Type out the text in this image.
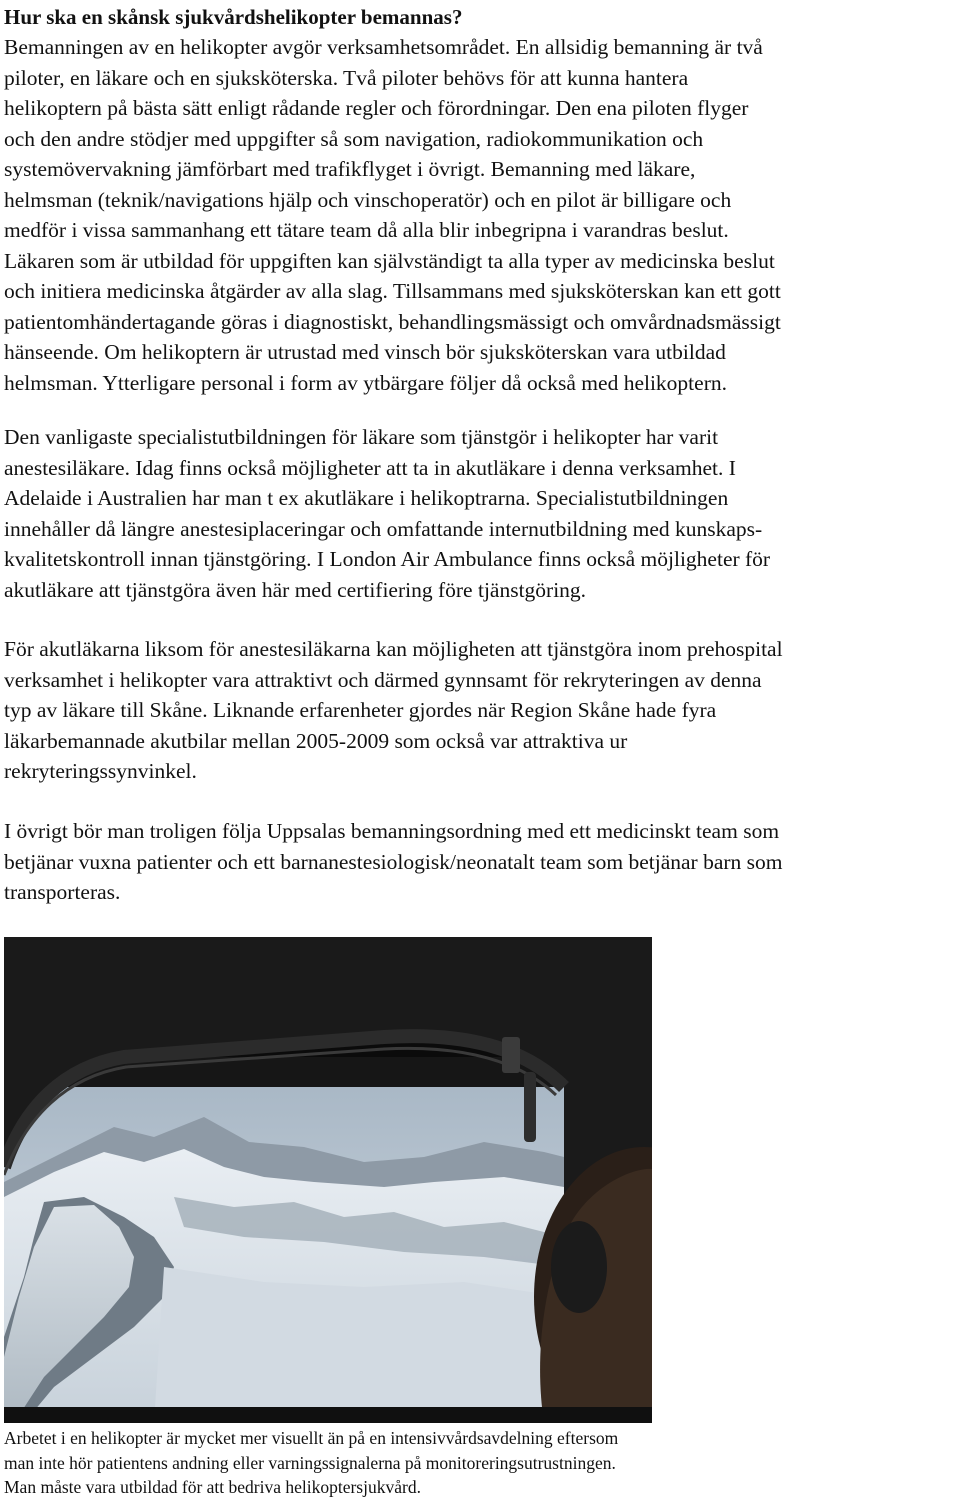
Hur ska en skånsk sjukvårdshelikopter bemannas?

Bemanningen av en helikopter avgör verksamhetsområdet. En allsidig bemanning är två
piloter, en läkare och en sjuksköterska. Två piloter behövs för att kunna hantera
helikoptern på bästa sätt enligt rådande regler och förordningar. Den ena piloten flyger
och den andre stödjer med uppgifter så som navigation, radiokommunikation och
systemövervakning jämförbart med trafikflyget i övrigt. Bemanning med läkare,
helmsman (teknik/navigations hjälp och vinschoperatör) och en pilot är billigare och
medför i vissa sammanhang ett tätare team då alla blir inbegripna i varandras beslut.
Läkaren som är utbildad för uppgiften kan självständigt ta alla typer av medicinska beslut
och initiera medicinska åtgärder av alla slag. Tillsammans med sjuksköterskan kan ett gott
patientomhändertagande göras i diagnostiskt, behandlingsmässigt och omvårdnadsmässigt
hänseende. Om helikoptern är utrustad med vinsch bör sjuksköterskan vara utbildad
helmsman. Ytterligare personal i form av ytbärgare följer då också med helikoptern.

Den vanligaste specialistutbildningen för läkare som tjänstgör i helikopter har varit
anestesiläkare. Idag finns också möjligheter att ta in akutläkare i denna verksamhet. I
Adelaide i Australien har man t ex akutläkare i helikoptrarna. Specialistutbildningen
innehåller då längre anestesiplaceringar och omfattande internutbildning med kunskaps-
kvalitetskontroll innan tjänstgöring. I London Air Ambulance finns också möjligheter för
akutläkare att tjänstgöra även här med certifiering före tjänstgöring.

För akutläkarna liksom för anestesiläkarna kan möjligheten att tjänstgöra inom prehospital
verksamhet i helikopter vara attraktivt och därmed gynnsamt för rekryteringen av denna
typ av läkare till Skåne. Liknande erfarenheter gjordes när Region Skåne hade fyra
läkarbemannade akutbilar mellan 2005-2009 som också var attraktiva ur
rekryteringssynvinkel.

I övrigt bör man troligen följa Uppsalas bemanningsordning med ett medicinskt team som
betjänar vuxna patienter och ett barnanestesiologisk/neonatalt team som betjänar barn som
transporteras.

Arbetet i en helikopter är mycket mer visuellt än på en intensivvårdsavdelning eftersom
man inte hör patientens andning eller varningssignalerna på monitoreringsutrustningen.
Man måste vara utbildad för att bedriva helikoptersjukvård.
